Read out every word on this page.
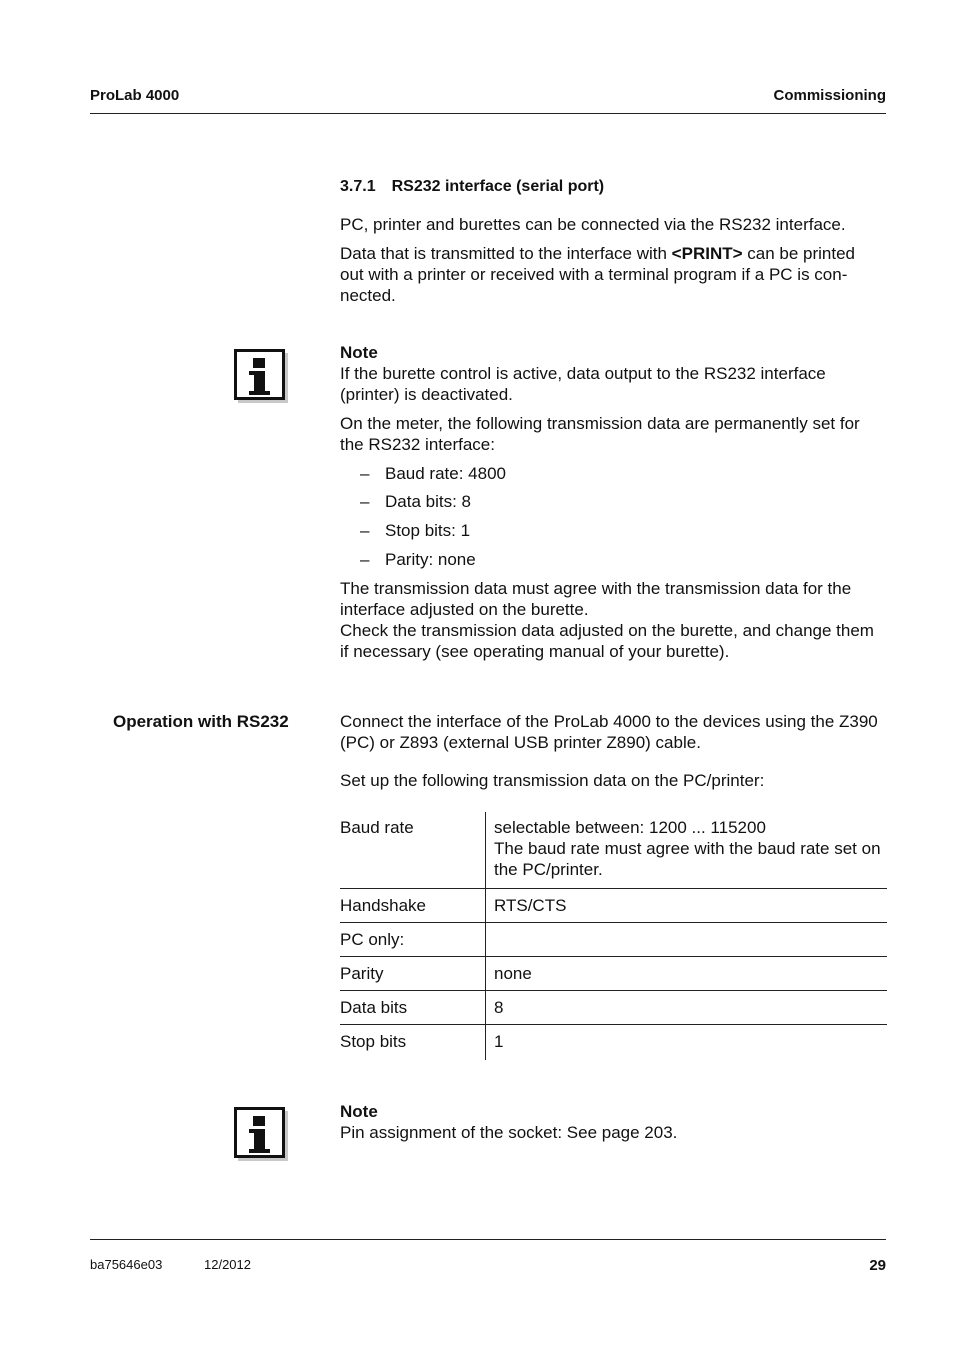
ProLab 4000	Commissioning
3.7.1 RS232 interface (serial port)

PC, printer and burettes can be connected via the RS232 interface.

Data that is transmitted to the interface with <PRINT> can be printed out with a printer or received with a terminal program if a PC is con-nected.

Note

If the burette control is active, data output to the RS232 interface (printer) is deactivated.

On the meter, the following transmission data are permanently set for the RS232 interface:

– Baud rate: 4800
– Data bits: 8
– Stop bits: 1
– Parity: none

The transmission data must agree with the transmission data for the interface adjusted on the burette.

Check the transmission data adjusted on the burette, and change them if necessary (see operating manual of your burette).

Operation with RS232	Connect the interface of the ProLab 4000 to the devices using the Z390 (PC) or Z893 (external USB printer Z890) cable.

Set up the following transmission data on the PC/printer:

Baud rate	selectable between: 1200 ... 115200
The baud rate must agree with the baud rate set on the PC/printer.

Handshake	RTS/CTS
PC only:	
Parity	none
Data bits	8
Stop bits	1
Note

Pin assignment of the socket: See page 203.

ba75646e03	12/2012	29
